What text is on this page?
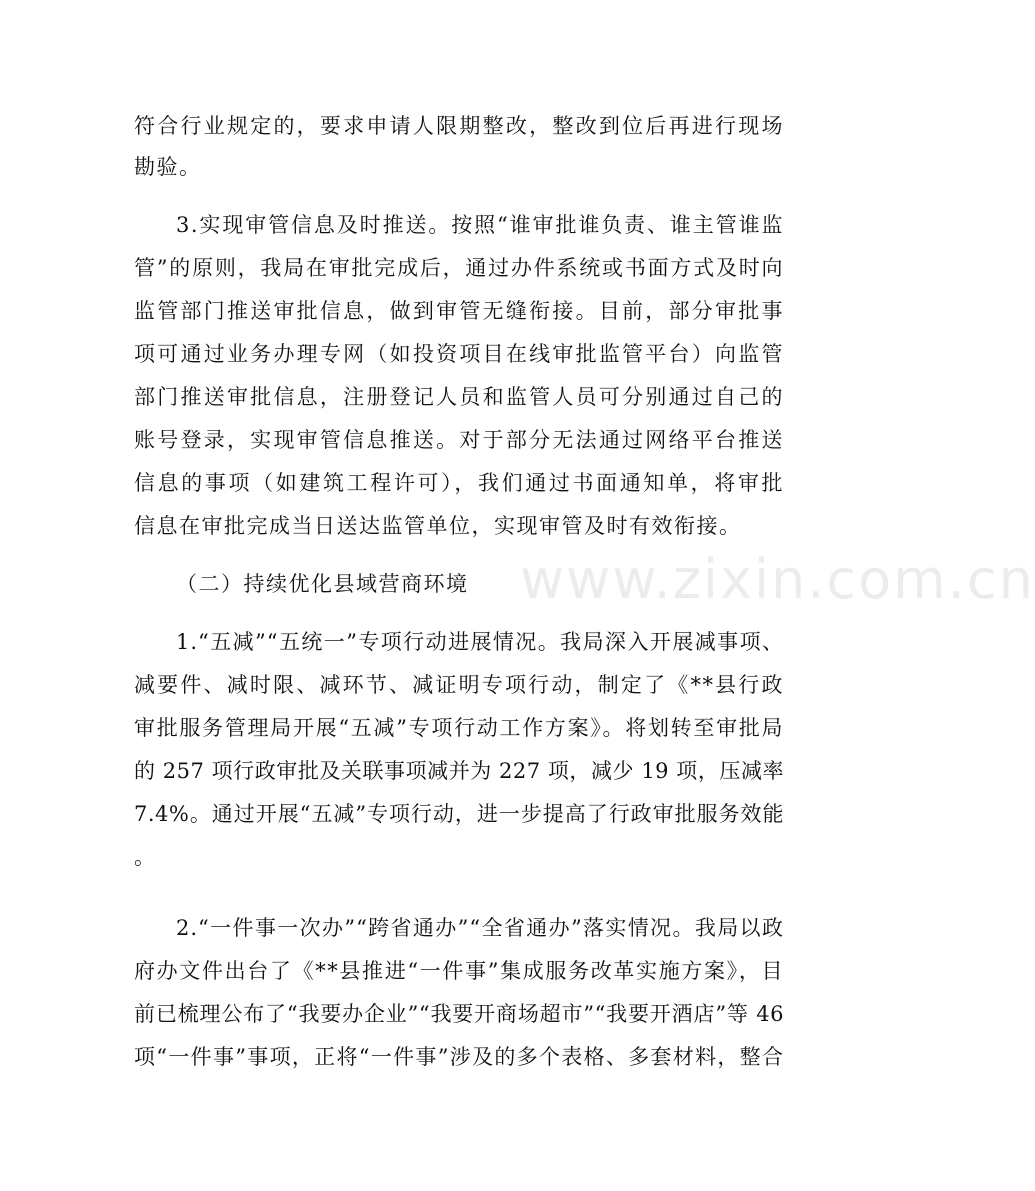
www.zixin.com.cn
符合行业规定的，要求申请人限期整改，整改到位后再进行现场
勘验。
3.实现审管信息及时推送。按照“谁审批谁负责、谁主管谁监
管”的原则，我局在审批完成后，通过办件系统或书面方式及时向
监管部门推送审批信息，做到审管无缝衔接。目前，部分审批事
项可通过业务办理专网（如投资项目在线审批监管平台）向监管
部门推送审批信息，注册登记人员和监管人员可分别通过自己的
账号登录，实现审管信息推送。对于部分无法通过网络平台推送
信息的事项（如建筑工程许可），我们通过书面通知单，将审批
信息在审批完成当日送达监管单位，实现审管及时有效衔接。
（二）持续优化县域营商环境
1.“五减”“五统一”专项行动进展情况。我局深入开展减事项、
减要件、减时限、减环节、减证明专项行动，制定了《**县行政
审批服务管理局开展“五减”专项行动工作方案》。将划转至审批局
的 257 项行政审批及关联事项减并为 227 项，减少 19 项，压减率
7.4%。通过开展“五减”专项行动，进一步提高了行政审批服务效能
。
2.“一件事一次办”“跨省通办”“全省通办”落实情况。我局以政
府办文件出台了《**县推进“一件事”集成服务改革实施方案》，目
前已梳理公布了“我要办企业”“我要开商场超市”“我要开酒店”等 46
项“一件事”事项，正将“一件事”涉及的多个表格、多套材料，整合
